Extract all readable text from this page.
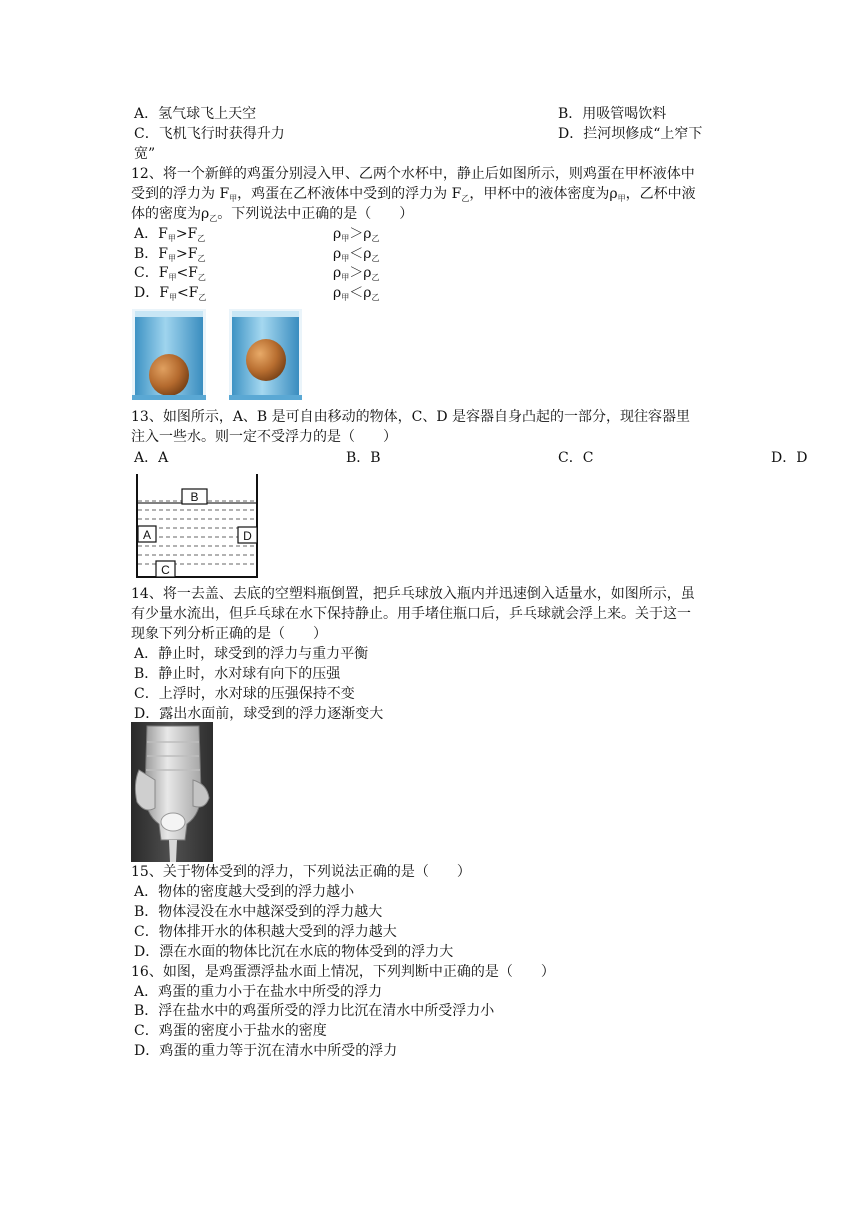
A．氢气球飞上天空	B．用吸管喝饮料
C．飞机飞行时获得升力	D．拦河坝修成“上窄下
宽”
12、将一个新鲜的鸡蛋分别浸入甲、乙两个水杯中，静止后如图所示，则鸡蛋在甲杯液体中
受到的浮力为 $F_甲$，鸡蛋在乙杯液体中受到的浮力为 $F_乙$，甲杯中的液体密度为$\rho_甲$，乙杯中液
体的密度为$\rho_乙$。下列说法中正确的是（　　）
A．$F_甲>F_乙$	$\rho_甲>\rho_乙$
B．$F_甲>F_乙$	$\rho_甲<\rho_乙$
C．$F_甲<F_乙$	$\rho_甲>\rho_乙$
D．$F_甲<F_乙$	$\rho_甲<\rho_乙$
13、如图所示，A、B 是可自由移动的物体，C、D 是容器自身凸起的一部分，现往容器里
注入一些水。则一定不受浮力的是（　　）
A．A	B．B	C．C	D．D
B
A	D
C
14、将一去盖、去底的空塑料瓶倒置，把乒乓球放入瓶内并迅速倒入适量水，如图所示，虽
有少量水流出，但乒乓球在水下保持静止。用手堵住瓶口后，乒乓球就会浮上来。关于这一
现象下列分析正确的是（　　）
A．静止时，球受到的浮力与重力平衡
B．静止时，水对球有向下的压强
C．上浮时，水对球的压强保持不变
D．露出水面前，球受到的浮力逐渐变大
15、关于物体受到的浮力，下列说法正确的是（　　）
A．物体的密度越大受到的浮力越小
B．物体浸没在水中越深受到的浮力越大
C．物体排开水的体积越大受到的浮力越大
D．漂在水面的物体比沉在水底的物体受到的浮力大
16、如图，是鸡蛋漂浮盐水面上情况，下列判断中正确的是（　　）
A．鸡蛋的重力小于在盐水中所受的浮力
B．浮在盐水中的鸡蛋所受的浮力比沉在清水中所受浮力小
C．鸡蛋的密度小于盐水的密度
D．鸡蛋的重力等于沉在清水中所受的浮力
